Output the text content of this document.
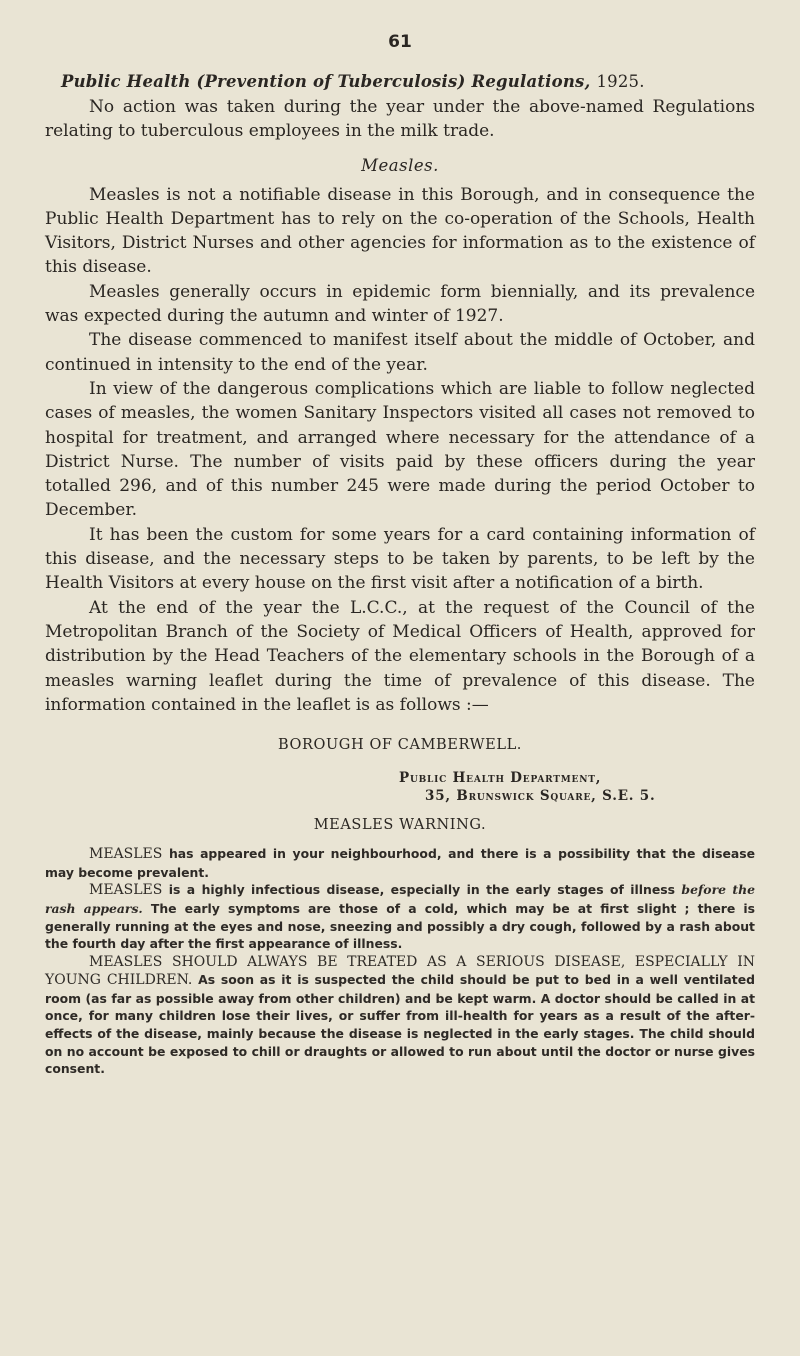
61
Public Health (Prevention of Tuberculosis) Regulations, 1925.

No action was taken during the year under the above-named Regulations relating to tuberculous employees in the milk trade.

Measles.

Measles is not a notifiable disease in this Borough, and in consequence the Public Health Department has to rely on the co-operation of the Schools, Health Visitors, District Nurses and other agencies for information as to the existence of this disease.

Measles generally occurs in epidemic form biennially, and its prevalence was expected during the autumn and winter of 1927.

The disease commenced to manifest itself about the middle of October, and continued in intensity to the end of the year.

In view of the dangerous complications which are liable to follow neglected cases of measles, the women Sanitary Inspectors visited all cases not removed to hospital for treatment, and arranged where necessary for the attendance of a District Nurse. The number of visits paid by these officers during the year totalled 296, and of this number 245 were made during the period October to December.

It has been the custom for some years for a card containing information of this disease, and the necessary steps to be taken by parents, to be left by the Health Visitors at every house on the first visit after a notification of a birth.

At the end of the year the L.C.C., at the request of the Council of the Metropolitan Branch of the Society of Medical Officers of Health, approved for distribution by the Head Teachers of the elementary schools in the Borough of a measles warning leaflet during the time of prevalence of this disease. The information contained in the leaflet is as follows :—

BOROUGH OF CAMBERWELL.
Public Health Department,
35, Brunswick Square, S.E. 5.
MEASLES WARNING.

MEASLES has appeared in your neighbourhood, and there is a possibility that the disease may become prevalent.

MEASLES is a highly infectious disease, especially in the early stages of illness before the rash appears. The early symptoms are those of a cold, which may be at first slight ; there is generally running at the eyes and nose, sneezing and possibly a dry cough, followed by a rash about the fourth day after the first appearance of illness.

MEASLES SHOULD ALWAYS BE TREATED AS A SERIOUS DISEASE, ESPECIALLY IN YOUNG CHILDREN. As soon as it is suspected the child should be put to bed in a well ventilated room (as far as possible away from other children) and be kept warm. A doctor should be called in at once, for many children lose their lives, or suffer from ill-health for years as a result of the after-effects of the disease, mainly because the disease is neglected in the early stages. The child should on no account be exposed to chill or draughts or allowed to run about until the doctor or nurse gives consent.
